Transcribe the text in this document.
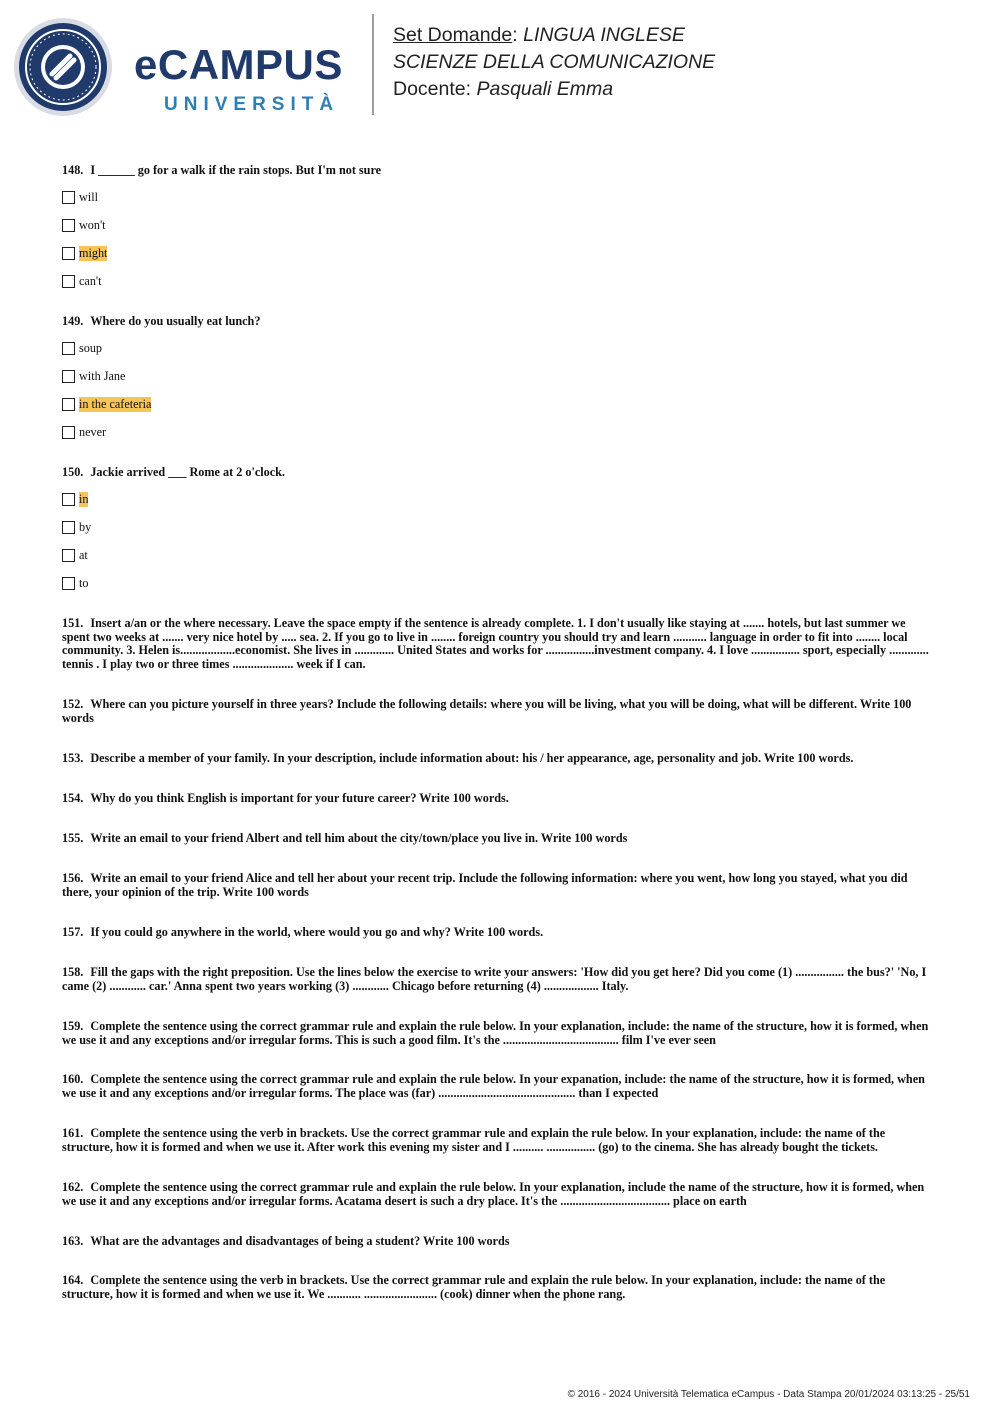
eCAMPUS
UNIVERSITÀ
Set Domande: LINGUA INGLESE
SCIENZE DELLA COMUNICAZIONE
Docente: Pasquali Emma
148. I ______ go for a walk if the rain stops. But I'm not sure
will
won't
might
can't
149. Where do you usually eat lunch?
soup
with Jane
in the cafeteria
never
150. Jackie arrived ___ Rome at 2 o'clock.
in
by
at
to
151. Insert a/an or the where necessary. Leave the space empty if the sentence is already complete. 1. I don't usually like staying at ....... hotels, but last summer we spent two weeks at ....... very nice hotel by ..... sea. 2. If you go to live in ........ foreign country you should try and learn ........... language in order to fit into ........ local community. 3. Helen is..................economist. She lives in ............. United States and works for ................investment company. 4. I love ................ sport, especially ............. tennis . I play two or three times .................... week if I can.
152. Where can you picture yourself in three years? Include the following details: where you will be living, what you will be doing, what will be different. Write 100 words
153. Describe a member of your family. In your description, include information about: his / her appearance, age, personality and job. Write 100 words.
154. Why do you think English is important for your future career? Write 100 words.
155. Write an email to your friend Albert and tell him about the city/town/place you live in. Write 100 words
156. Write an email to your friend Alice and tell her about your recent trip. Include the following information: where you went, how long you stayed, what you did there, your opinion of the trip. Write 100 words
157. If you could go anywhere in the world, where would you go and why? Write 100 words.
158. Fill the gaps with the right preposition. Use the lines below the exercise to write your answers: 'How did you get here? Did you come (1) ................ the bus?' 'No, I came (2) ............ car.' Anna spent two years working (3) ............ Chicago before returning (4) .................. Italy.
159. Complete the sentence using the correct grammar rule and explain the rule below. In your explanation, include: the name of the structure, how it is formed, when we use it and any exceptions and/or irregular forms. This is such a good film. It's the ...................................... film I've ever seen
160. Complete the sentence using the correct grammar rule and explain the rule below. In your expanation, include: the name of the structure, how it is formed, when we use it and any exceptions and/or irregular forms. The place was (far) ............................................. than I expected
161. Complete the sentence using the verb in brackets. Use the correct grammar rule and explain the rule below. In your explanation, include: the name of the structure, how it is formed and when we use it. After work this evening my sister and I .......... ................ (go) to the cinema. She has already bought the tickets.
162. Complete the sentence using the correct grammar rule and explain the rule below. In your explanation, include the name of the structure, how it is formed, when we use it and any exceptions and/or irregular forms. Acatama desert is such a dry place. It's the .................................... place on earth
163. What are the advantages and disadvantages of being a student? Write 100 words
164. Complete the sentence using the verb in brackets. Use the correct grammar rule and explain the rule below. In your explanation, include: the name of the structure, how it is formed and when we use it. We ........... ........................ (cook) dinner when the phone rang.
© 2016 - 2024 Università Telematica eCampus - Data Stampa 20/01/2024 03:13:25 - 25/51
